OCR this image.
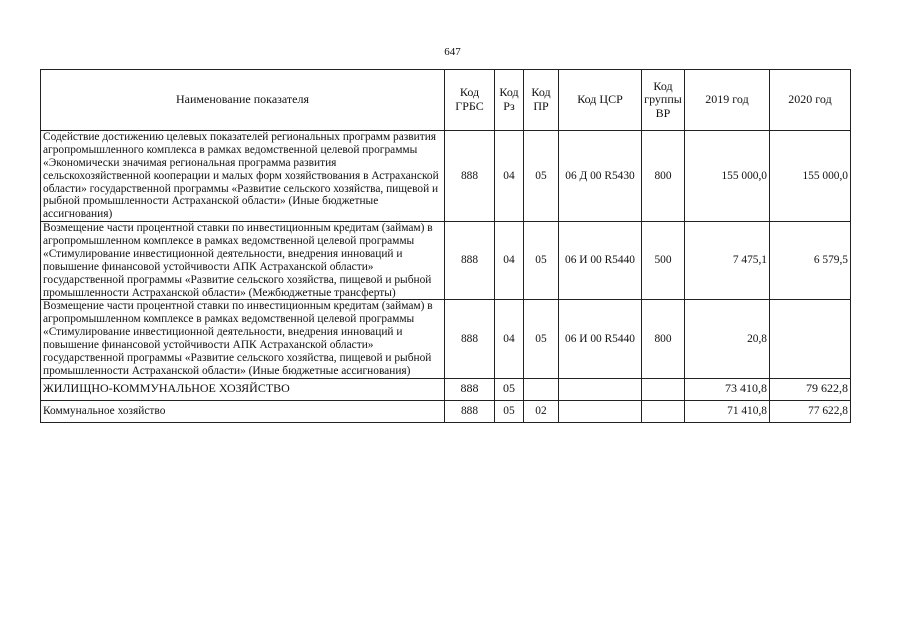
647
Наименование показателя	Код ГРБС	Код Рз	Код ПР	Код ЦСР	Код группы ВР	2019 год	2020 год
Содействие достижению целевых показателей региональных программ развития агропромышленного комплекса в рамках ведомственной целевой программы «Экономически значимая региональная программа развития сельскохозяйственной кооперации и малых форм хозяйствования в Астраханской области» государственной программы «Развитие сельского хозяйства, пищевой и рыбной промышленности Астраханской области» (Иные бюджетные ассигнования)	888	04	05	06 Д 00 R5430	800	155 000,0	155 000,0
Возмещение части процентной ставки по инвестиционным кредитам (займам) в агропромышленном комплексе в рамках ведомственной целевой программы «Стимулирование инвестиционной деятельности, внедрения инноваций и повышение финансовой устойчивости АПК Астраханской области» государственной программы «Развитие сельского хозяйства, пищевой и рыбной промышленности Астраханской области» (Межбюджетные трансферты)	888	04	05	06 И 00 R5440	500	7 475,1	6 579,5
Возмещение части процентной ставки по инвестиционным кредитам (займам) в агропромышленном комплексе в рамках ведомственной целевой программы «Стимулирование инвестиционной деятельности, внедрения инноваций и повышение финансовой устойчивости АПК Астраханской области» государственной программы «Развитие сельского хозяйства, пищевой и рыбной промышленности Астраханской области» (Иные бюджетные ассигнования)	888	04	05	06 И 00 R5440	800	20,8	
ЖИЛИЩНО-КОММУНАЛЬНОЕ ХОЗЯЙСТВО	888	05				73 410,8	79 622,8
Коммунальное хозяйство	888	05	02			71 410,8	77 622,8
